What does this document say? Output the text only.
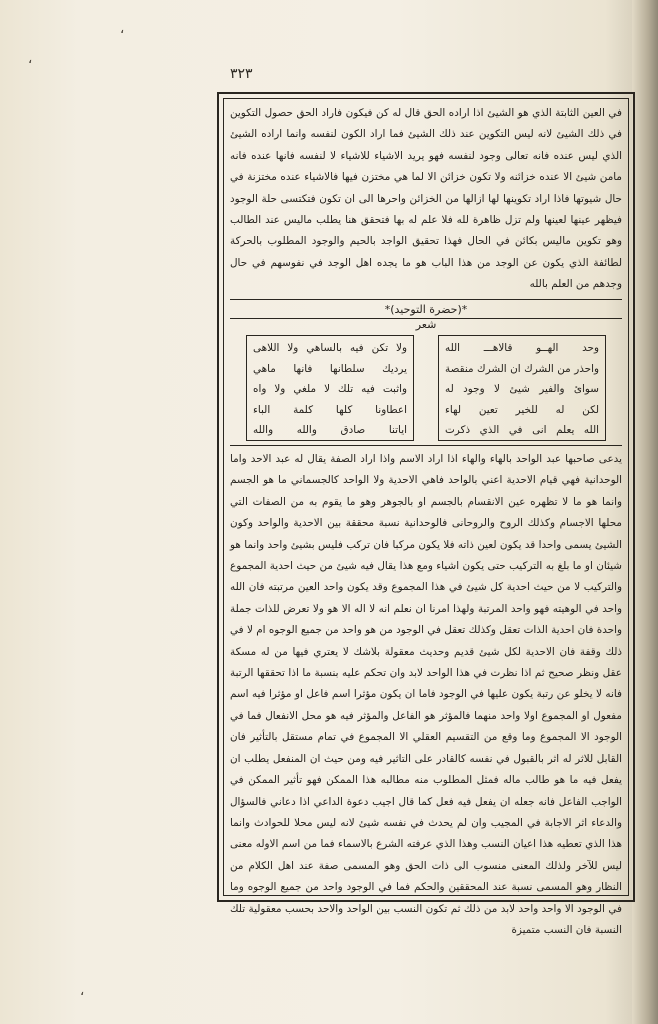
،
،
،
٣٢٣
في العين الثابتة الذي هو الشيئ اذا اراده الحق قال له كن فيكون فاراد الحق حصول التكوين في ذلك الشيئ لانه ليس التكوين عند ذلك الشيئ فما اراد الكون لنفسه وانما اراده الشيئ الذي ليس عنده فانه تعالى وجود لنفسه فهو يريد الاشياء للاشياء لا لنفسه فانها عنده فانه مامن شيئ الا عنده خزائنه ولا تكون خزائن الا لما هي مختزن فيها فالاشياء عنده مختزنة في حال شيوتها فاذا اراد تكوينها لها ازالها من الخزائن واحرها الى ان تكون فتكتسى حلة الوجود فيظهر عينها لعينها ولم تزل ظاهرة لله فلا علم له بها فتحقق هنا يطلب ماليس عند الطالب وهو تكوين ماليس بكائن في الحال فهذا تحقيق الواجد بالحيم والوجود المطلوب بالحركة لطائفة الذي يكون عن الوجد من هذا الباب هو ما يجده اهل الوجد في نفوسهم في حال وجدهم من العلم بالله
*(حضرة التوحيد)*
شعر
وحد الهــو قالاهـــ الله
واحذر من الشرك ان الشرك منقصة
سوائ والفير شيئ لا وجود له
لكن له للخير تعين لهاء
الله يعلم انى في الذي ذكرت
ولا تكن فيه بالساهي ولا اللاهى
يرديك سلطانها فانها ماهي
واثبت فيه تلك لا ملغي ولا واه
اعطاونا كلها كلمة الباء
اياتنا صادق والله والله
يدعى صاحبها عبد الواحد بالهاء والهاء اذا اراد الاسم واذا اراد الصفة يقال له عبد الاحد واما الوحدانية فهي قيام الاحدية اعني بالواحد فاهي الاحدية ولا الواحد كالجسماني ما هو الجسم وانما هو ما لا تظهره عين الانقسام بالجسم او بالجوهر وهو ما يقوم به من الصفات التي محلها الاجسام وكذلك الروح والروحانى فالوحدانية نسبة محققة بين الاحدية والواحد وكون الشيئ يسمى واحدا قد يكون لعين ذاته فلا يكون مركبا فان تركب فليس بشيئ واحد وانما هو شيئان او ما بلغ به التركيب حتى يكون اشياء ومع هذا يقال فيه شيئ من حيث احدية المجموع والتركيب لا من حيث احدية كل شيئ في هذا المجموع وقد يكون واحد العين مرتبته فان الله واحد في الوهيته فهو واحد المرتبة ولهذا امرنا ان نعلم انه لا اله الا هو ولا تعرض للذات جملة واحدة فان احدية الذات تعقل وكذلك تعقل في الوجود من هو واحد من جميع الوجوه ام لا في ذلك وقفة فان الاحدية لكل شيئ قديم وحديث معقولة بلاشك لا يعتري فيها من له مسكة عقل ونظر صحيح ثم اذا نظرت في هذا الواحد لابد وان تحكم عليه بنسبة ما اذا تحققها الرتبة فانه لا يخلو عن رتبة يكون عليها في الوجود فاما ان يكون مؤثرا اسم فاعل او مؤثرا فيه اسم مفعول او المجموع اولا واحد منهما فالمؤثر هو الفاعل والمؤثر فيه هو محل الانفعال فما في الوجود الا المجموع وما وقع من التقسيم العقلي الا المجموع في تمام مستقل بالتأثير فان القابل للاثر له اثر بالقبول في نفسه كالقادر على التاثير فيه ومن حيث ان المنفعل يطلب ان يفعل فيه ما هو طالب ماله فمثل المطلوب منه مطالبه هذا الممكن فهو تأثير الممكن في الواجب الفاعل فانه جعله ان يفعل فيه فعل كما قال اجيب دعوة الداعي اذا دعاني فالسؤال والدعاء اثر الاجابة في المجيب وان لم يحدث في نفسه شيئ لانه ليس محلا للحوادث وانما هذا الذي تعطيه هذا اعيان النسب وهذا الذي عرفته الشرع بالاسماء فما من اسم الاوله معنى ليس للآخر ولذلك المعنى منسوب الى ذات الحق وهو المسمى صفة عند اهل الكلام من النظار وهو المسمى نسبة عند المحققين والحكم فما في الوجود واحد من جميع الوجوه وما في الوجود الا واحد واحد لابد من ذلك ثم تكون النسب بين الواحد والاحد بحسب معقولية تلك النسبة فان النسب متميزة
